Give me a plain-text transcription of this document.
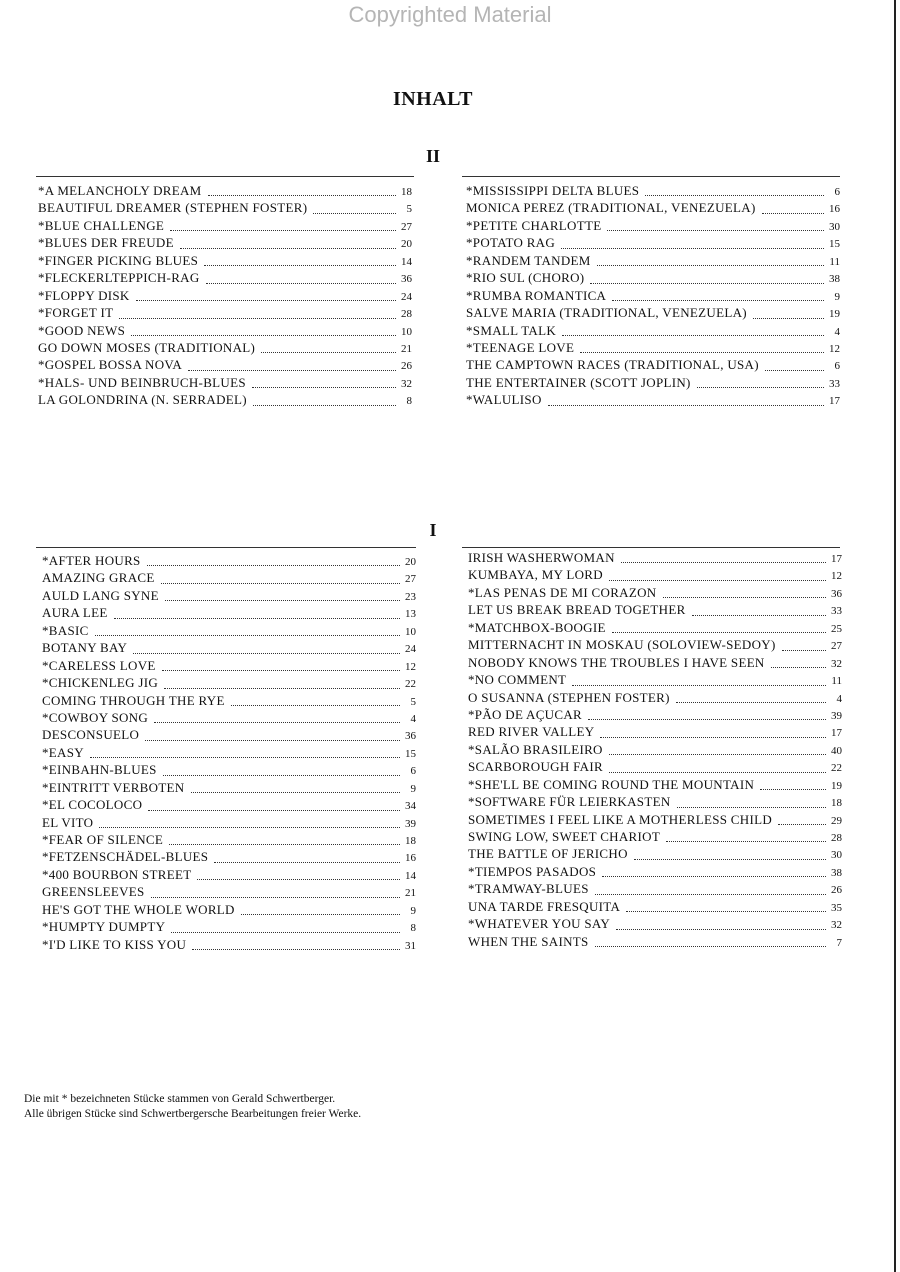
Copyrighted Material
INHALT
II
*A MELANCHOLY DREAM	18
BEAUTIFUL DREAMER (STEPHEN FOSTER)	5
*BLUE CHALLENGE	27
*BLUES DER FREUDE	20
*FINGER PICKING BLUES	14
*FLECKERLTEPPICH-RAG	36
*FLOPPY DISK	24
*FORGET IT	28
*GOOD NEWS	10
GO DOWN MOSES (TRADITIONAL)	21
*GOSPEL BOSSA NOVA	26
*HALS- UND BEINBRUCH-BLUES	32
LA GOLONDRINA (N. SERRADEL)	8
*MISSISSIPPI DELTA BLUES	6
MONICA PEREZ (TRADITIONAL, VENEZUELA)	16
*PETITE CHARLOTTE	30
*POTATO RAG	15
*RANDEM TANDEM	11
*RIO SUL (CHORO)	38
*RUMBA ROMANTICA	9
SALVE MARIA (TRADITIONAL, VENEZUELA)	19
*SMALL TALK	4
*TEENAGE LOVE	12
THE CAMPTOWN RACES (TRADITIONAL, USA)	6
THE ENTERTAINER (SCOTT JOPLIN)	33
*WALULISO	17
I
*AFTER HOURS	20
AMAZING GRACE	27
AULD LANG SYNE	23
AURA LEE	13
*BASIC	10
BOTANY BAY	24
*CARELESS LOVE	12
*CHICKENLEG JIG	22
COMING THROUGH THE RYE	5
*COWBOY SONG	4
DESCONSUELO	36
*EASY	15
*EINBAHN-BLUES	6
*EINTRITT VERBOTEN	9
*EL COCOLOCO	34
EL VITO	39
*FEAR OF SILENCE	18
*FETZENSCHÄDEL-BLUES	16
*400 BOURBON STREET	14
GREENSLEEVES	21
HE'S GOT THE WHOLE WORLD	9
*HUMPTY DUMPTY	8
*I'D LIKE TO KISS YOU	31
IRISH WASHERWOMAN	17
KUMBAYA, MY LORD	12
*LAS PENAS DE MI CORAZON	36
LET US BREAK BREAD TOGETHER	33
*MATCHBOX-BOOGIE	25
MITTERNACHT IN MOSKAU (SOLOVIEW-SEDOY)	27
NOBODY KNOWS THE TROUBLES I HAVE SEEN	32
*NO COMMENT	11
O SUSANNA (STEPHEN FOSTER)	4
*PÃO DE AÇUCAR	39
RED RIVER VALLEY	17
*SALÃO BRASILEIRO	40
SCARBOROUGH FAIR	22
*SHE'LL BE COMING ROUND THE MOUNTAIN	19
*SOFTWARE FÜR LEIERKASTEN	18
SOMETIMES I FEEL LIKE A MOTHERLESS CHILD	29
SWING LOW, SWEET CHARIOT	28
THE BATTLE OF JERICHO	30
*TIEMPOS PASADOS	38
*TRAMWAY-BLUES	26
UNA TARDE FRESQUITA	35
*WHATEVER YOU SAY	32
WHEN THE SAINTS	7
Die mit * bezeichneten Stücke stammen von Gerald Schwertberger.
Alle übrigen Stücke sind Schwertbergersche Bearbeitungen freier Werke.
